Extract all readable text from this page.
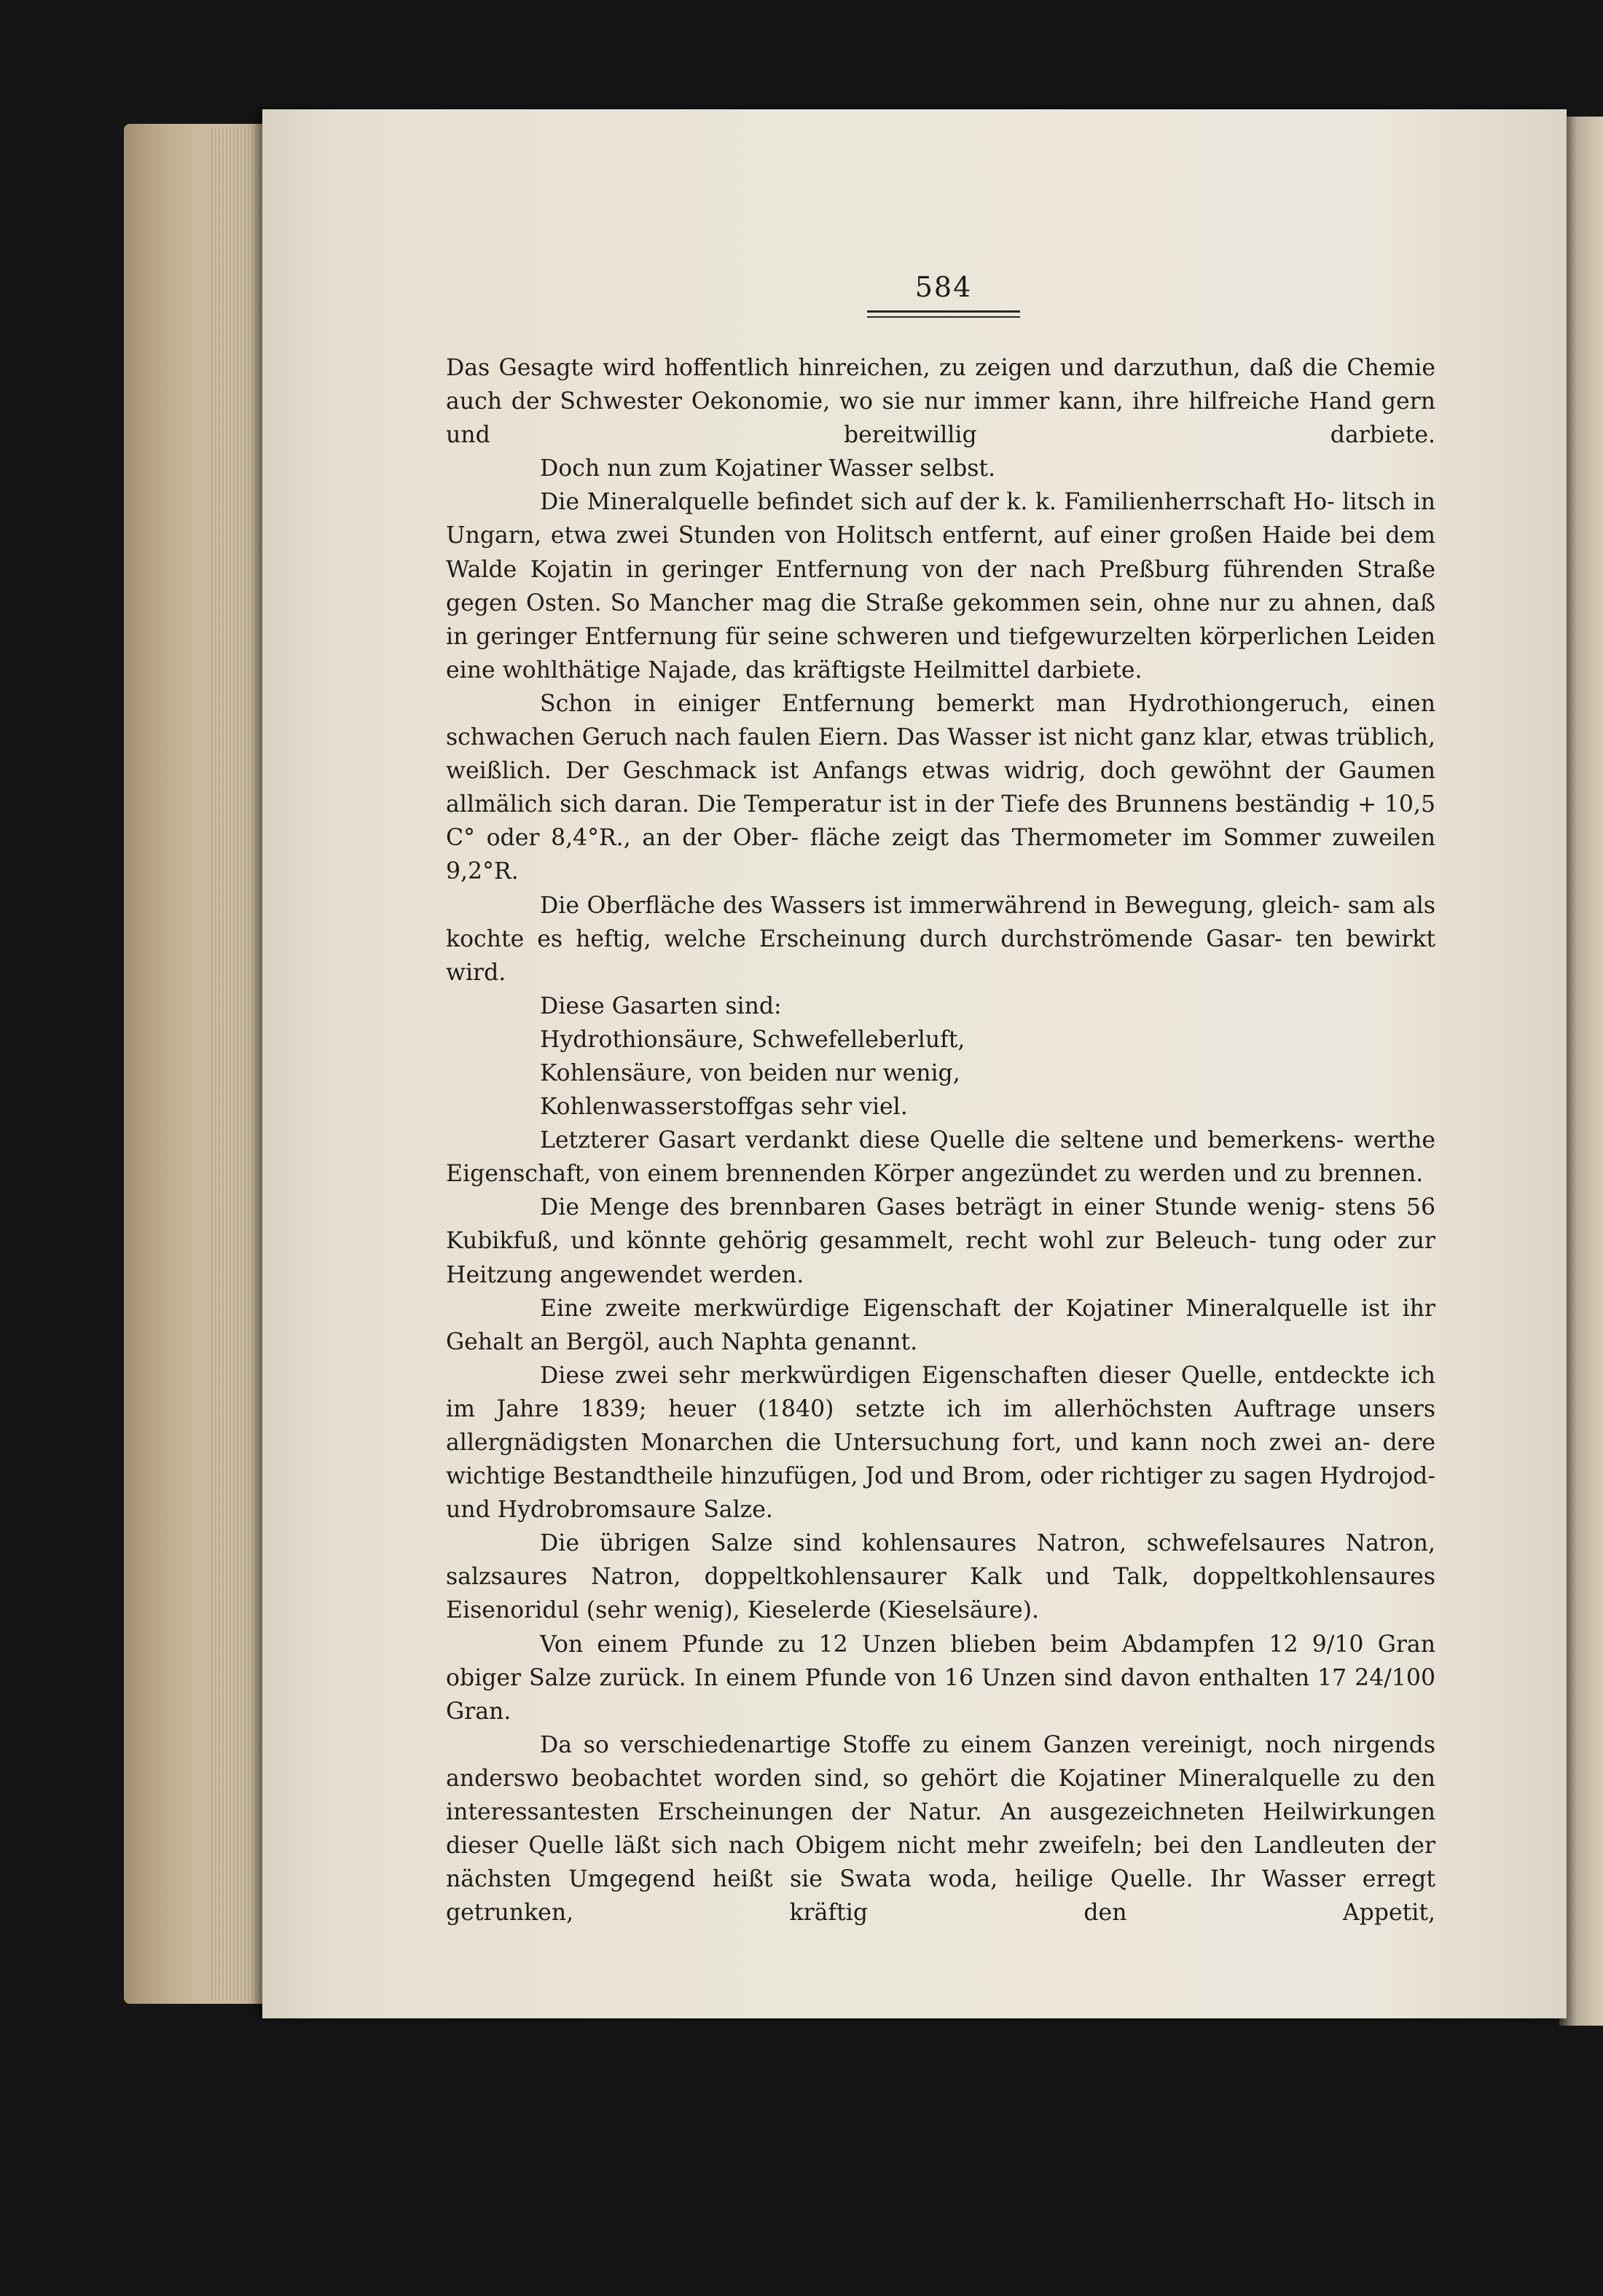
584

Das Gesagte wird hoffentlich hinreichen, zu zeigen und darzuthun, daß die Chemie auch der Schwester Oekonomie, wo sie nur immer kann, ihre hilfreiche Hand gern und bereitwillig darbiete.

Doch nun zum Kojatiner Wasser selbst.

Die Mineralquelle befindet sich auf der k. k. Familienherrschaft Ho- litsch in Ungarn, etwa zwei Stunden von Holitsch entfernt, auf einer großen Haide bei dem Walde Kojatin in geringer Entfernung von der nach Preßburg führenden Straße gegen Osten. So Mancher mag die Straße gekommen sein, ohne nur zu ahnen, daß in geringer Entfernung für seine schweren und tiefgewurzelten körperlichen Leiden eine wohlthätige Najade, das kräftigste Heilmittel darbiete.

Schon in einiger Entfernung bemerkt man Hydrothiongeruch, einen schwachen Geruch nach faulen Eiern. Das Wasser ist nicht ganz klar, etwas trüblich, weißlich. Der Geschmack ist Anfangs etwas widrig, doch gewöhnt der Gaumen allmälich sich daran. Die Temperatur ist in der Tiefe des Brunnens beständig + 10,5 C° oder 8,4°R., an der Ober- fläche zeigt das Thermometer im Sommer zuweilen 9,2°R.

Die Oberfläche des Wassers ist immerwährend in Bewegung, gleich- sam als kochte es heftig, welche Erscheinung durch durchströmende Gasar- ten bewirkt wird.

Diese Gasarten sind:

Hydrothionsäure, Schwefelleberluft,

Kohlensäure, von beiden nur wenig,

Kohlenwasserstoffgas sehr viel.

Letzterer Gasart verdankt diese Quelle die seltene und bemerkens- werthe Eigenschaft, von einem brennenden Körper angezündet zu werden und zu brennen.

Die Menge des brennbaren Gases beträgt in einer Stunde wenig- stens 56 Kubikfuß, und könnte gehörig gesammelt, recht wohl zur Beleuch- tung oder zur Heitzung angewendet werden.

Eine zweite merkwürdige Eigenschaft der Kojatiner Mineralquelle ist ihr Gehalt an Bergöl, auch Naphta genannt.

Diese zwei sehr merkwürdigen Eigenschaften dieser Quelle, entdeckte ich im Jahre 1839; heuer (1840) setzte ich im allerhöchsten Auftrage unsers allergnädigsten Monarchen die Untersuchung fort, und kann noch zwei an- dere wichtige Bestandtheile hinzufügen, Jod und Brom, oder richtiger zu sagen Hydrojod- und Hydrobromsaure Salze.

Die übrigen Salze sind kohlensaures Natron, schwefelsaures Natron, salzsaures Natron, doppeltkohlensaurer Kalk und Talk, doppeltkohlensaures Eisenoridul (sehr wenig), Kieselerde (Kieselsäure).

Von einem Pfunde zu 12 Unzen blieben beim Abdampfen 12 9/10 Gran obiger Salze zurück. In einem Pfunde von 16 Unzen sind davon enthalten 17 24/100 Gran.

Da so verschiedenartige Stoffe zu einem Ganzen vereinigt, noch nirgends anderswo beobachtet worden sind, so gehört die Kojatiner Mineralquelle zu den interessantesten Erscheinungen der Natur. An ausgezeichneten Heilwirkungen dieser Quelle läßt sich nach Obigem nicht mehr zweifeln; bei den Landleuten der nächsten Umgegend heißt sie Swata woda, heilige Quelle. Ihr Wasser erregt getrunken, kräftig den Appetit,
